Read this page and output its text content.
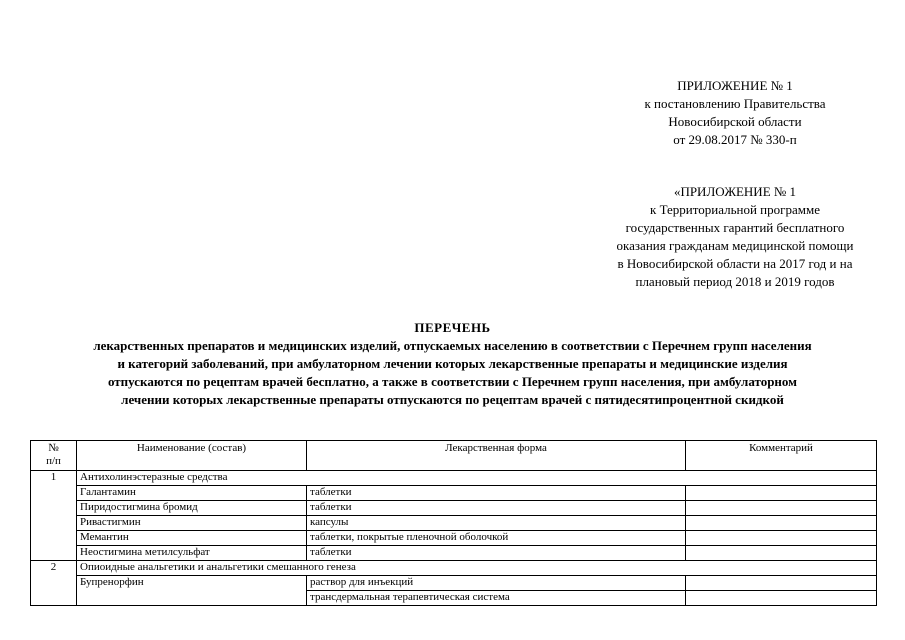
ПРИЛОЖЕНИЕ № 1
к постановлению Правительства
Новосибирской области
от 29.08.2017 № 330-п
«ПРИЛОЖЕНИЕ № 1
к Территориальной программе
государственных гарантий бесплатного
оказания гражданам медицинской помощи
в Новосибирской области на 2017 год и на
плановый период 2018 и 2019 годов
ПЕРЕЧЕНЬ
лекарственных препаратов и медицинских изделий, отпускаемых населению в соответствии с Перечнем групп населения
и категорий заболеваний, при амбулаторном лечении которых лекарственные препараты и медицинские изделия
отпускаются по рецептам врачей бесплатно, а также в соответствии с Перечнем групп населения, при амбулаторном
лечении которых лекарственные препараты отпускаются по рецептам врачей с пятидесятипроцентной скидкой
№
п/п	Наименование (состав)	Лекарственная форма	Комментарий
1	Антихолинэстеразные средства		
	Галантамин	таблетки	
	Пиридостигмина бромид	таблетки	
	Ривастигмин	капсулы	
	Мемантин	таблетки, покрытые пленочной оболочкой	
	Неостигмина метилсульфат	таблетки	
2	Опиоидные анальгетики и анальгетики смешанного генеза		
	Бупренорфин	раствор для инъекций	
		трансдермальная терапевтическая система	
